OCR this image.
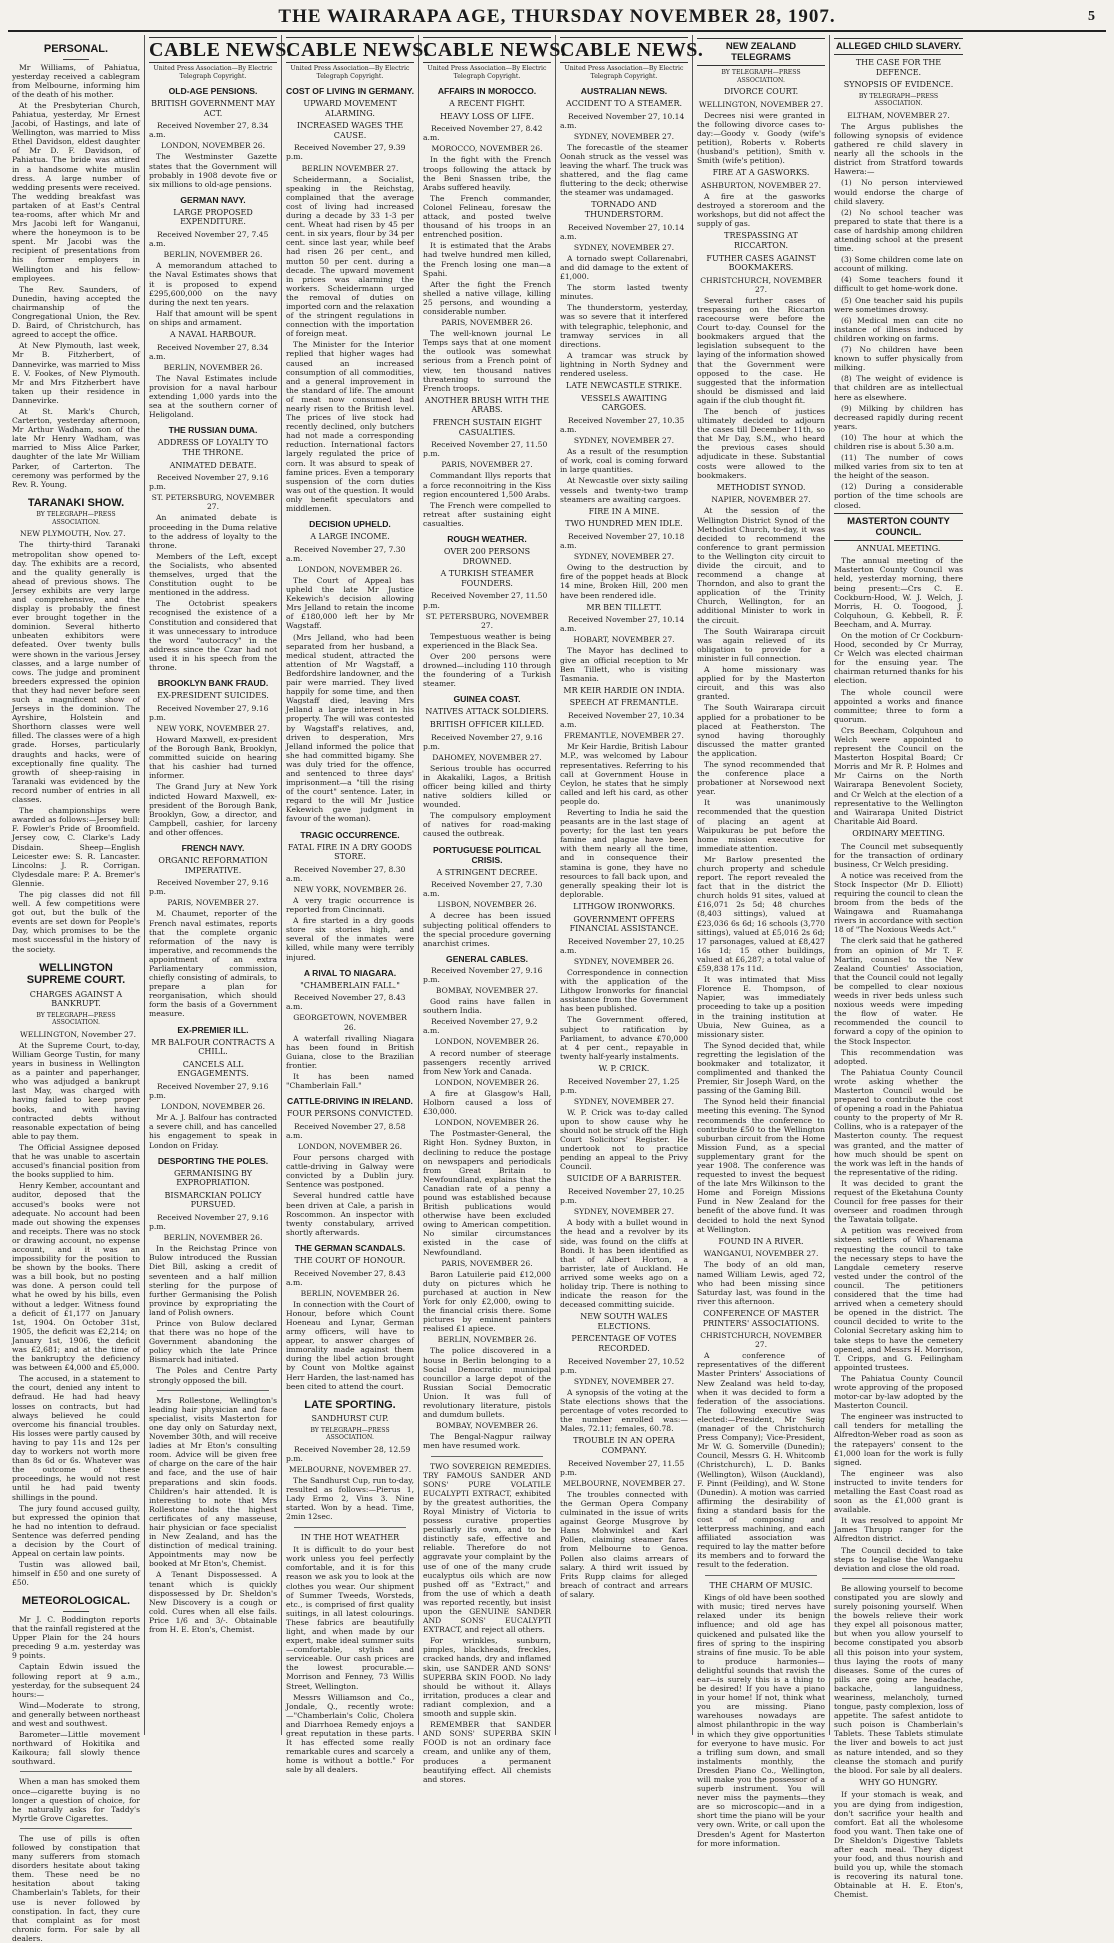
THE WAIRARAPA AGE, THURSDAY NOVEMBER 28, 1907.	5
PERSONAL.

Mr Williams, of Pahiatua, yesterday received a cablegram from Melbourne, informing him of the death of his mother.

At the Presbyterian Church, Pahiatua, yesterday, Mr Ernest Jacobi, of Hastings, and late of Wellington, was married to Miss Ethel Davidson, eldest daughter of Mr D. F. Davidson, of Pahiatua. The bride was attired in a handsome white muslin dress. A large number of wedding presents were received. The wedding breakfast was partaken of at East's Central tea-rooms, after which Mr and Mrs Jacobi left for Wanganui, where the honeymoon is to be spent. Mr Jacobi was the recipient of presentations from his former employers in Wellington and his fellow-employees.

The Rev. Saunders, of Dunedin, having accepted the chairmanship of the Congregational Union, the Rev. D. Baird, of Christchurch, has agreed to accept the office.

At New Plymouth, last week, Mr B. Fitzherbert, of Dannevirke, was married to Miss E. V. Fookes, of New Plymouth. Mr and Mrs Fitzherbert have taken up their residence in Dannevirke.

At St. Mark's Church, Carterton, yesterday afternoon, Mr Arthur Wadham, son of the late Mr Henry Wadham, was married to Miss Alice Parker, daughter of the late Mr William Parker, of Carterton. The ceremony was performed by the Rev. R. Young.

TARANAKI SHOW.
BY TELEGRAPH—PRESS ASSOCIATION.
NEW PLYMOUTH, Nov. 27.

The thirty-third Taranaki metropolitan show opened to-day. The exhibits are a record, and the quality generally is ahead of previous shows. The Jersey exhibits are very large and comprehensive, and the display is probably the finest ever brought together in the dominion. Several hitherto unbeaten exhibitors were defeated. Over twenty bulls were shown in the various Jersey classes, and a large number of cows. The judge and prominent breeders expressed the opinion that they had never before seen such a magnificent show of Jerseys in the dominion. The Ayrshire, Holstein and Shorthorn classes were well filled. The classes were of a high grade. Horses, particularly draughts and hacks, were of exceptionally fine quality. The growth of sheep-raising in Taranaki was evidenced by the record number of entries in all classes.

The championships were awarded as follows:—Jersey bull: F. Fowler's Pride of Broomfield. Jersey cow, C. Clarke's Lady Disdain. Sheep—English Leicester ewe: S. R. Lancaster. Lincolns: J. R. Corrigan. Clydesdale mare: P. A. Bremer's Glennie.

The pig classes did not fill well. A few competitions were got out, but the bulk of the events are set down for People's Day, which promises to be the most successful in the history of the society.

WELLINGTON SUPREME COURT.
CHARGES AGAINST A BANKRUPT.
BY TELEGRAPH—PRESS ASSOCIATION.
WELLINGTON, November 27.

At the Supreme Court, to-day, William George Tustin, for many years in business in Wellington as a painter and paperhanger, who was adjudged a bankrupt last May, was charged with having failed to keep proper books, and with having contracted debts without reasonable expectation of being able to pay them.

The Official Assignee deposed that he was unable to ascertain accused's financial position from the books supplied to him.

Henry Kember, accountant and auditor, deposed that the accused's books were not adequate. No account had been made out showing the expenses and receipts. There was no stock or drawing account, no expense account, and it was an impossibility for the position to be shown by the books. There was a bill book, but no posting was done. A person could tell what he owed by his bills, even without a ledger. Witness found a deficit of £1,177 on January 1st, 1904. On October 31st, 1905, the deficit was £2,214; on January 1st, 1906, the deficit was £2,681; and at the time of the bankruptcy the deficiency was between £4,000 and £5,000.

The accused, in a statement to the court, denied any intent to defraud. He had had heavy losses on contracts, but had always believed he could overcome his financial troubles. His losses were partly caused by having to pay 11s and 12s per day to workers not worth more than 8s 6d or 6s. Whatever was the outcome of these proceedings, he would not rest until he had paid twenty shillings in the pound.

The jury found accused guilty, but expressed the opinion that he had no intention to defraud. Sentence was deferred pending a decision by the Court of Appeal on certain law points.

Tustin was allowed bail, himself in £50 and one surety of £50.

METEOROLOGICAL.

Mr J. C. Boddington reports that the rainfall registered at the Upper Plain for the 24 hours preceding 9 a.m. yesterday was 9 points.

Captain Edwin issued the following report at 9 a.m., yesterday, for the subsequent 24 hours:—

Wind—Moderate to strong, and generally between northeast and west and southwest.

Barometer—Little movement northward of Hokitika and Kaikoura; fall slowly thence southward.

When a man has smoked them once—cigarette buying is no longer a question of choice, for he naturally asks for Taddy's Myrtle Grove Cigarettes.

The use of pills is often followed by constipation that many sufferers from stomach disorders hesitate about taking them. These need be no hesitation about taking Chamberlain's Tablets, for their use is never followed by constipation. In fact, they cure that complaint as for most chronic form. For sale by all dealers.

CABLE NEWS.
United Press Association—By Electric Telegraph Copyright.
OLD-AGE PENSIONS.
BRITISH GOVERNMENT MAY ACT.
Received November 27, 8.34 a.m.
LONDON, NOVEMBER 26.

The Westminster Gazette states that the Government will probably in 1908 devote five or six millions to old-age pensions.

GERMAN NAVY.
LARGE PROPOSED EXPENDITURE.
Received November 27, 7.45 a.m.
BERLIN, NOVEMBER 26.

A memorandum attached to the Naval Estimates shows that it is proposed to expend £295,600,000 on the navy during the next ten years.

Half that amount will be spent on ships and armament.

A NAVAL HARBOUR.
Received November 27, 8.34 a.m.
BERLIN, NOVEMBER 26.

The Naval Estimates include provision for a naval harbour extending 1,000 yards into the sea at the southern corner of Heligoland.

THE RUSSIAN DUMA.
ADDRESS OF LOYALTY TO THE THRONE.
ANIMATED DEBATE.
Received November 27, 9.16 p.m.
ST. PETERSBURG, NOVEMBER 27.

An animated debate is proceeding in the Duma relative to the address of loyalty to the throne.

Members of the Left, except the Socialists, who absented themselves, urged that the Constitution ought to be mentioned in the address.

The Octobrist speakers recognised the existence of a Constitution and considered that it was unnecessary to introduce the word "autocracy" in the address since the Czar had not used it in his speech from the throne.

BROOKLYN BANK FRAUD.
EX-PRESIDENT SUICIDES.
Received November 27, 9.16 p.m.
NEW YORK, NOVEMBER 27.

Howard Maxwell, ex-president of the Borough Bank, Brooklyn, committed suicide on hearing that his cashier had turned informer.

The Grand Jury at New York indicted Howard Maxwell, ex-president of the Borough Bank, Brooklyn, Gow, a director, and Campbell, cashier, for larceny and other offences.

FRENCH NAVY.
ORGANIC REFORMATION IMPERATIVE.
Received November 27, 9.16 p.m.
PARIS, NOVEMBER 27.

M. Chaumet, reporter of the French naval estimates, reports that the complete organic reformation of the navy is imperative, and recommends the appointment of an extra Parliamentary commission, chiefly consisting of admirals, to prepare a plan for reorganisation, which should form the basis of a Government measure.

EX-PREMIER ILL.
MR BALFOUR CONTRACTS A CHILL.
CANCELS ALL ENGAGEMENTS.
Received November 27, 9.16 p.m.
LONDON, NOVEMBER 26.

Mr A. J. Balfour has contracted a severe chill, and has cancelled his engagement to speak in London on Friday.

DESPORTING THE POLES.
GERMANISING BY EXPROPRIATION.
BISMARCKIAN POLICY PURSUED.
Received November 27, 9.16 p.m.
BERLIN, NOVEMBER 26.

In the Reichstag Prince von Bulow introduced the Russian Diet Bill, asking a credit of seventeen and a half million sterling for the purpose of further Germanising the Polish province by expropriating the land of Polish owners.

Prince von Bulow declared that there was no hope of the Government abandoning the policy which the late Prince Bismarck had initiated.

The Poles and Centre Party strongly opposed the bill.

Mrs Rollestone, Wellington's leading hair physician and face specialist, visits Masterton for one day only on Saturday next, November 30th, and will receive ladies at Mr Eton's consulting room. Advice will be given free of charge on the care of the hair and face, and the use of hair preparations and skin foods. Children's hair attended. It is interesting to note that Mrs Rollestone holds the highest certificates of any masseuse, hair physician or face specialist in New Zealand, and has the distinction of medical training. Appointments may now be booked at Mr Eton's, Chemist.

A Tenant Dispossessed. A tenant which is quickly dispossessed by Dr. Sheldon's New Discovery is a cough or cold. Cures when all else fails. Price 1/6 and 3/-. Obtainable from H. E. Eton's, Chemist.

CABLE NEWS.
United Press Association—By Electric Telegraph Copyright.
COST OF LIVING IN GERMANY.
UPWARD MOVEMENT ALARMING.
INCREASED WAGES THE CAUSE.
Received November 27, 9.39 p.m.
BERLIN NOVEMBER 27.

Scheidermann, a Socialist, speaking in the Reichstag, complained that the average cost of living had increased during a decade by 33 1-3 per cent. Wheat had risen by 45 per cent. in six years, flour by 34 per cent. since last year, while beef had risen 26 per cent., and mutton 50 per cent. during a decade. The upward movement in prices was alarming the workers. Scheidermann urged the removal of duties on imported corn and the relaxation of the stringent regulations in connection with the importation of foreign meat.

The Minister for the Interior replied that higher wages had caused an increased consumption of all commodities, and a general improvement in the standard of life. The amount of meat now consumed had nearly risen to the British level. The prices of live stock had recently declined, only butchers had not made a corresponding reduction. International factors largely regulated the price of corn. It was absurd to speak of famine prices. Even a temporary suspension of the corn duties was out of the question. It would only benefit speculators and middlemen.

DECISION UPHELD.
A LARGE INCOME.
Received November 27, 7.30 a.m.
LONDON, NOVEMBER 26.

The Court of Appeal has upheld the late Mr Justice Kekewich's decision allowing Mrs Jelland to retain the income of £180,000 left her by Mr Wagstaff.

(Mrs Jelland, who had been separated from her husband, a medical student, attracted the attention of Mr Wagstaff, a Bedfordshire landowner, and the pair were married. They lived happily for some time, and then Wagstaff died, leaving Mrs Jelland a large interest in his property. The will was contested by Wagstaff's relatives, and, driven to desperation, Mrs Jelland informed the police that she had committed bigamy. She was duly tried for the offence, and sentenced to three days' imprisonment—a "till the rising of the court" sentence. Later, in regard to the will Mr Justice Kekewich gave judgment in favour of the woman).

TRAGIC OCCURRENCE.
FATAL FIRE IN A DRY GOODS STORE.
Received November 27, 8.30 a.m.
NEW YORK, NOVEMBER 26.

A very tragic occurrence is reported from Cincinnati.

A fire started in a dry goods store six stories high, and several of the inmates were killed, while many were terribly injured.

A RIVAL TO NIAGARA.
"CHAMBERLAIN FALL."
Received November 27, 8.43 a.m.
GEORGETOWN, NOVEMBER 26.

A waterfall rivalling Niagara has been found in British Guiana, close to the Brazilian frontier.

It has been named "Chamberlain Fall."

CATTLE-DRIVING IN IRELAND.
FOUR PERSONS CONVICTED.
Received November 27, 8.58 a.m.
LONDON, NOVEMBER 26.

Four persons charged with cattle-driving in Galway were convicted by a Dublin jury. Sentence was postponed.

Several hundred cattle have been driven at Cale, a parish in Roscommon. An inspector with twenty constabulary, arrived shortly afterwards.

THE GERMAN SCANDALS.
THE COURT OF HONOUR.
Received November 27, 8.43 a.m.
BERLIN, NOVEMBER 26.

In connection with the Court of Honour, before which Count Hoeneau and Lynar, German army officers, will have to appear, to answer charges of immorality made against them during the libel action brought by Count von Moltke against Herr Harden, the last-named has been cited to attend the court.

LATE SPORTING.
SANDHURST CUP.
BY TELEGRAPH—PRESS ASSOCIATION.
Received November 28, 12.59 p.m.
MELBOURNE, NOVEMBER 27.

The Sandhurst Cup, run to-day, resulted as follows:—Pierus 1, Lady Ermo 2, Vins 3. Nine started. Won by a head. Time, 2min 12sec.

IN THE HOT WEATHER

It is difficult to do your best work unless you feel perfectly comfortable, and it is for this reason we ask you to look at the clothes you wear. Our shipment of Summer Tweeds, Worsteds, etc., is comprised of first quality suitings, in all latest colourings. These fabrics are beautifully light, and when made by our expert, make ideal summer suits—comfortable, stylish and serviceable. Our cash prices are the lowest procurable.—Morrison and Fenney, 73 Willis Street, Wellington.

Messrs Williamson and Co., Jondale, Q., recently wrote:—"Chamberlain's Colic, Cholera and Diarrhoea Remedy enjoys a great reputation in these parts. It has effected some really remarkable cures and scarcely a home is without a bottle." For sale by all dealers.

CABLE NEWS.
United Press Association—By Electric Telegraph Copyright.
AFFAIRS IN MOROCCO.
A RECENT FIGHT.
HEAVY LOSS OF LIFE.
Received November 27, 8.42 a.m.
MOROCCO, NOVEMBER 26.

In the fight with the French troops following the attack by the Beni Snassen tribe, the Arabs suffered heavily.

The French commander, Colonel Felineau, foresaw the attack, and posted twelve thousand of his troops in an entrenched position.

It is estimated that the Arabs had twelve hundred men killed, the French losing one man—a Spahi.

After the fight the French shelled a native village, killing 25 persons, and wounding a considerable number.

PARIS, NOVEMBER 26.

The well-known journal Le Temps says that at one moment the outlook was somewhat serious from a French point of view, ten thousand natives threatening to surround the French troops.

ANOTHER BRUSH WITH THE ARABS.
FRENCH SUSTAIN EIGHT CASUALTIES.
Received November 27, 11.50 p.m.
PARIS, NOVEMBER 27.

Commandant Illys reports that a force reconnoitring in the Kiss region encountered 1,500 Arabs.

The French were compelled to retreat after sustaining eight casualties.

ROUGH WEATHER.
OVER 200 PERSONS DROWNED.
A TURKISH STEAMER FOUNDERS.
Received November 27, 11.50 p.m.
ST. PETERSBURG, NOVEMBER 27.

Tempestuous weather is being experienced in the Black Sea.

Over 200 persons were drowned—including 110 through the foundering of a Turkish steamer.

GUINEA COAST.
NATIVES ATTACK SOLDIERS.
BRITISH OFFICER KILLED.
Received November 27, 9.16 p.m.
DAHOMEY, NOVEMBER 27.

Serious trouble has occurred in Akakaliki, Lagos, a British officer being killed and thirty native soldiers killed or wounded.

The compulsory employment of natives for road-making caused the outbreak.

PORTUGUESE POLITICAL CRISIS.
A STRINGENT DECREE.
Received November 27, 7.30 a.m.
LISBON, NOVEMBER 26.

A decree has been issued subjecting political offenders to the special procedure governing anarchist crimes.

GENERAL CABLES.
Received November 27, 9.16 p.m.
BOMBAY, NOVEMBER 27.

Good rains have fallen in southern India.

Received November 27, 9.2 a.m.
LONDON, NOVEMBER 26.

A record number of steerage passengers recently arrived from New York and Canada.

LONDON, NOVEMBER 26.

A fire at Glasgow's Hall, Holborn caused a loss of £30,000.

LONDON, NOVEMBER 26.

The Postmaster-General, the Right Hon. Sydney Buxton, in declining to reduce the postage on newspapers and periodicals from Great Britain to Newfoundland, explains that the Canadian rate of a penny a pound was established because British publications would otherwise have been excluded owing to American competition. No similar circumstances existed in the case of Newfoundland.

PARIS, NOVEMBER 26.

Baron Latuilerie paid £12,000 duty on pictures which he purchased at auction in New York for only £2,000, owing to the financial crisis there. Some pictures by eminent painters realised £1 apiece.

BERLIN, NOVEMBER 26.

The police discovered in a house in Berlin belonging to a Social Democratic municipal councillor a large depot of the Russian Social Democratic Union. It was full of revolutionary literature, pistols and dumdum bullets.

BOMBAY, NOVEMBER 26.

The Bengal-Nagpur railway men have resumed work.

TWO SOVEREIGN REMEDIES. TRY FAMOUS SANDER AND SONS' PURE VOLATILE EUCALYPTI EXTRACT, exhibited by the greatest authorities, the Royal Ministry of Victoria to possess curative properties peculiarly its own, and to be distinctly safe, effective and reliable. Therefore do not aggravate your complaint by the use of one of the many crude eucalyptus oils which are now pushed off as "Extract," and from the use of which a death was reported recently, but insist upon the GENUINE SANDER AND SONS' EUCALYPTI EXTRACT, and reject all others.

For wrinkles, sunburn, pimples, blackheads, freckles, cracked hands, dry and inflamed skin, use SANDER AND SONS' SUPERBA SKIN FOOD. No lady should be without it. Allays irritation, produces a clear and radiant complexion, and a smooth and supple skin.

REMEMBER that SANDER AND SONS' SUPERBA SKIN FOOD is not an ordinary face cream, and unlike any of them, produces a permanent beautifying effect. All chemists and stores.

CABLE NEWS.
United Press Association—By Electric Telegraph Copyright.
AUSTRALIAN NEWS.
ACCIDENT TO A STEAMER.
Received November 27, 10.14 a.m.
SYDNEY, NOVEMBER 27.

The forecastle of the steamer Oonah struck as the vessel was leaving the wharf. The truck was shattered, and the flag came fluttering to the deck; otherwise the steamer was undamaged.

TORNADO AND THUNDERSTORM.
Received November 27, 10.14 a.m.
SYDNEY, NOVEMBER 27.

A tornado swept Collarenabri, and did damage to the extent of £1,000.

The storm lasted twenty minutes.

The thunderstorm, yesterday, was so severe that it interfered with telegraphic, telephonic, and tramway services in all directions.

A tramcar was struck by lightning in North Sydney and rendered useless.

LATE NEWCASTLE STRIKE.
VESSELS AWAITING CARGOES.
Received November 27, 10.35 a.m.
SYDNEY, NOVEMBER 27.

As a result of the resumption of work, coal is coming forward in large quantities.

At Newcastle over sixty sailing vessels and twenty-two tramp steamers are awaiting cargoes.

FIRE IN A MINE.
TWO HUNDRED MEN IDLE.
Received November 27, 10.18 a.m.
SYDNEY, NOVEMBER 27.

Owing to the destruction by fire of the poppet heads at Block 14 mine, Broken Hill, 200 men have been rendered idle.

MR BEN TILLETT.
Received November 27, 10.14 a.m.
HOBART, NOVEMBER 27.

The Mayor has declined to give an official reception to Mr Ben Tillett, who is visiting Tasmania.

MR KEIR HARDIE ON INDIA.
SPEECH AT FREMANTLE.
Received November 27, 10.34 a.m.
FREMANTLE, NOVEMBER 27.

Mr Keir Hardie, British Labour M.P., was welcomed by Labour representatives. Referring to his call at Government House in Ceylon, he states that he simply called and left his card, as other people do.

Reverting to India he said the peasants are in the last stage of poverty; for the last ten years famine and plague have been with them nearly all the time, and in consequence their stamina is gone, they have no resources to fall back upon, and generally speaking their lot is deplorable.

LITHGOW IRONWORKS.
GOVERNMENT OFFERS FINANCIAL ASSISTANCE.
Received November 27, 10.25 a.m.
SYDNEY, NOVEMBER 26.

Correspondence in connection with the application of the Lithgow Ironworks for financial assistance from the Government has been published.

The Government offered, subject to ratification by Parliament, to advance £70,000 at 4 per cent., repayable in twenty half-yearly instalments.

W. P. CRICK.
Received November 27, 1.25 p.m.
SYDNEY, NOVEMBER 27.

W. P. Crick was to-day called upon to show cause why he should not be struck off the High Court Solicitors' Register. He undertook not to practice pending an appeal to the Privy Council.

SUICIDE OF A BARRISTER.
Received November 27, 10.25 p.m.
SYDNEY, NOVEMBER 27.

A body with a bullet wound in the head and a revolver by its side, was found on the cliffs at Bondi. It has been identified as that of Albert Horton, a barrister, late of Auckland. He arrived some weeks ago on a holiday trip. There is nothing to indicate the reason for the deceased committing suicide.

NEW SOUTH WALES ELECTIONS.
PERCENTAGE OF VOTES RECORDED.
Received November 27, 10.52 p.m.
SYDNEY, NOVEMBER 27.

A synopsis of the voting at the State elections shows that the percentage of votes recorded to the number enrolled was:—Males, 72.11; females, 60.78.

TROUBLE IN AN OPERA COMPANY.
Received November 27, 11.55 p.m.
MELBOURNE, NOVEMBER 27.

The troubles connected with the German Opera Company culminated in the issue of writs against George Musgrove by Hans Mohwinkel and Karl Pollen, claiming steamer fares from Melbourne to Genoa. Pollen also claims arrears of salary. A third writ issued by Frits Rupp claims for alleged breach of contract and arrears of salary.

NEW ZEALAND TELEGRAMS
BY TELEGRAPH—PRESS ASSOCIATION.
DIVORCE COURT.
WELLINGTON, NOVEMBER 27.

Decrees nisi were granted in the following divorce cases to-day:—Goody v. Goody (wife's petition), Roberts v. Roberts (husband's petition), Smith v. Smith (wife's petition).

FIRE AT A GASWORKS.
ASHBURTON, NOVEMBER 27.

A fire at the gasworks destroyed a storeroom and the workshops, but did not affect the supply of gas.

TRESPASSING AT RICCARTON.
FUTHER CASES AGAINST BOOKMAKERS.
CHRISTCHURCH, NOVEMBER 27.

Several further cases of trespassing on the Riccarton racecourse were before the Court to-day. Counsel for the bookmakers argued that the legislation subsequent to the laying of the information showed that the Government were opposed to the case. He suggested that the information should be dismissed and laid again if the club thought fit.

The bench of justices ultimately decided to adjourn the cases till December 11th, so that Mr Day, S.M., who heard the previous cases should adjudicate in these. Substantial costs were allowed to the bookmakers.

METHODIST SYNOD.
NAPIER, NOVEMBER 27.

At the session of the Wellington District Synod of the Methodist Church, to-day, it was decided to recommend the conference to grant permission to the Wellington city circuit to divide the circuit, and to recommend a change at Thorndon, and also to grant the application of the Trinity Church, Wellington, for an additional Minister to work in the circuit.

The South Wairarapa circuit was again relieved of its obligation to provide for a minister in full connection.

A home missionary was applied for by the Masterton circuit, and this was also granted.

The South Wairarapa circuit applied for a probationer to be placed at Featherston. The synod having thoroughly discussed the matter granted the application.

The synod recommended that the conference place a probationer at Norsewood next year.

It was unanimously recommended that the question of placing an agent at Waipukurau be put before the home mission executive for immediate attention.

Mr Barlow presented the church property and schedule report. The report revealed the fact that in the district the church holds 91 sites, valued at £16,071 2s 5d; 48 churches (8,403 sittings), valued at £23,036 6s 6d; 16 schools (3,770 sittings), valued at £5,016 2s 6d; 17 parsonages, valued at £8,427 16s 1d; 15 other buildings, valued at £6,287; a total value of £59,838 17s 11d.

It was intimated that Miss Florence E. Thompson, of Napier, was immediately proceeding to take up a position in the training institution at Ubuia, New Guinea, as a missionary sister.

The Synod decided that, while regretting the legislation of the bookmaker and totalizator, it complimented and thanked the Premier, Sir Joseph Ward, on the passing of the Gaming Bill.

The Synod held their financial meeting this evening. The Synod recommends the conference to contribute £50 to the Wellington suburban circuit from the Home Mission Fund, as a special supplementary grant for the year 1908. The conference was requested to invest the bequest of the late Mrs Wilkinson to the Home and Foreign Missions Fund in New Zealand for the benefit of the above fund. It was decided to hold the next Synod at Wellington.

FOUND IN A RIVER.
WANGANUI, NOVEMBER 27.

The body of an old man, named William Lewis, aged 72, who had been missing since Saturday last, was found in the river this afternoon.

CONFERENCE OF MASTER PRINTERS' ASSOCIATIONS.
CHRISTCHURCH, NOVEMBER 27.

A conference of representatives of the different Master Printers' Associations of New Zealand was held to-day, when it was decided to form a federation of the associations. The following executive was elected:—President, Mr Seiig (manager of the Christchurch Press Company); Vice-President, Mr W. G. Somerville (Dunedin); Council, Messrs G. H. Whitcomb (Christchurch), L. D. Banks (Wellington), Wilson (Auckland), F. Pinnt (Feilding), and W. Stone (Dunedin). A motion was carried affirming the desirability of fixing a standard basis for the cost of composing and letterpress machining, and each affiliated association was required to lay the matter before its members and to forward the result to the federation.

THE CHARM OF MUSIC.

Kings of old have been soothed with music; tired nerves have relaxed under its benign influence; and old age has quickened and pulsated like the fires of spring to the inspiring strains of fine music. To be able to produce harmonies—delightful sounds that ravish the ear—is surely this is a thing to be desired! If you have a piano in your home! If not, think what you are missing. Piano warehouses nowadays are almost philanthropic in the way in which they give opportunities for everyone to have music. For a trifling sum down, and small instalments monthly, the Dresden Piano Co., Wellington, will make you the possessor of a superb instrument. You will never miss the payments—they are so microscopic—and in a short time the piano will be your very own. Write, or call upon the Dresden's Agent for Masterton for more information.

ALLEGED CHILD SLAVERY.
THE CASE FOR THE DEFENCE.
SYNOPSIS OF EVIDENCE.
BY TELEGRAPH—PRESS ASSOCIATION.
ELTHAM, NOVEMBER 27.

The Argus publishes the following synopsis of evidence gathered re child slavery in nearly all the schools in the district from Stratford towards Hawera:—

(1) No person interviewed would endorse the charge of child slavery.

(2) No school teacher was prepared to state that there is a case of hardship among children attending school at the present time.

(3) Some children come late on account of milking.

(4) Some teachers found it difficult to get home-work done.

(5) One teacher said his pupils were sometimes drowsy.

(6) Medical men can cite no instance of illness induced by children working on farms.

(7) No children have been known to suffer physically from milking.

(8) The weight of evidence is that children are as intellectual here as elsewhere.

(9) Milking by children has decreased rapidly during recent years.

(10) The hour at which the children rise is about 5.30 a.m.

(11) The number of cows milked varies from six to ten at the height of the season.

(12) During a considerable portion of the time schools are closed.

MASTERTON COUNTY COUNCIL.
ANNUAL MEETING.

The annual meeting of the Masterton County Council was held, yesterday morning, there being present:—Crs C. E. Cockburn-Hood, W. J. Welch, J. Morris, H. O. Toogood, J. Colquhoun, G. Kebbell, R. F. Beecham, and A. Murray.

On the motion of Cr Cockburn-Hood, seconded by Cr Murray, Cr Welch was elected chairman for the ensuing year. The chairman returned thanks for his election.

The whole council were appointed a works and finance committee; three to form a quorum.

Crs Beecham, Colquhoun and Welch were appointed to represent the Council on the Masterton Hospital Board; Cr Morris and Mr R. P. Holmes and Mr Cairns on the North Wairarapa Benevolent Society, and Cr Welch at the election of a representative to the Wellington and Wairarapa United District Charitable Aid Board.

ORDINARY MEETING.

The Council met subsequently for the transaction of ordinary business, Cr Welch presiding.

A notice was received from the Stock Inspector (Mr D. Elliott) requiring the council to clean the broom from the beds of the Waingawa and Ruamahanga rivers in accordance with section 18 of "The Noxious Weeds Act."

The clerk said that he gathered from an opinion of Mr T. F. Martin, counsel to the New Zealand Counties' Association, that the Council could not legally be compelled to clear noxious weeds in river beds unless such noxious weeds were impeding the flow of water. He recommended the council to forward a copy of the opinion to the Stock Inspector.

This recommendation was adopted.

The Pahiatua County Council wrote asking whether the Masterton Council would be prepared to contribute the cost of opening a road in the Pahiatua county to the property of Mr R. Collins, who is a ratepayer of the Masterton county. The request was granted, and the matter of how much should be spent on the work was left in the hands of the representative of the riding.

It was decided to grant the request of the Eketahuna County Council for free passes for their overseer and roadmen through the Tawataia tollgate.

A petition was received from sixteen settlers of Wharenama requesting the council to take the necessary steps to have the Langdale cemetery reserve vested under the control of the council. The petitioners considered that the time had arrived when a cemetery should be opened in the district. The council decided to write to the Colonial Secretary asking him to take steps to have the cemetery opened, and Messrs H. Morrison, T. Cripps, and G. Feilingham appointed trustees.

The Pahiatua County Council wrote approving of the proposed motor-car by-law adopted by the Masterton Council.

The engineer was instructed to call tenders for metalling the Alfredton-Weber road as soon as the ratepayers' consent to the £1,000 loan for the work is fully signed.

The engineer was also instructed to invite tenders for metalling the East Coast road as soon as the £1,000 grant is available.

It was resolved to appoint Mr James Thrupp ranger for the Alfredton district.

The Council decided to take steps to legalise the Wangaehu deviation and close the old road.

Be allowing yourself to become constipated you are slowly and surely poisoning yourself. When the bowels relieve their work they expel all poisonous matter, but when you allow yourself to become constipated you absorb all this poison into your system, thus laying the roots of many diseases. Some of the cures of pills are going are headache, backache, languidness, weariness, melancholy, turned tongue, pasty complexion, loss of appetite. The safest antidote to such poison is Chamberlain's Tablets. These Tablets stimulate the liver and bowels to act just as nature intended, and so they cleanse the stomach and purify the blood. For sale by all dealers.

WHY GO HUNGRY.

If your stomach is weak, and you are dying from indigestion, don't sacrifice your health and comfort. Eat all the wholesome food you want. Then take one of Dr Sheldon's Digestive Tablets after each meal. They digest your food, and thus nourish and build you up, while the stomach is recovering its natural tone. Obtainable at H. E. Eton's, Chemist.
